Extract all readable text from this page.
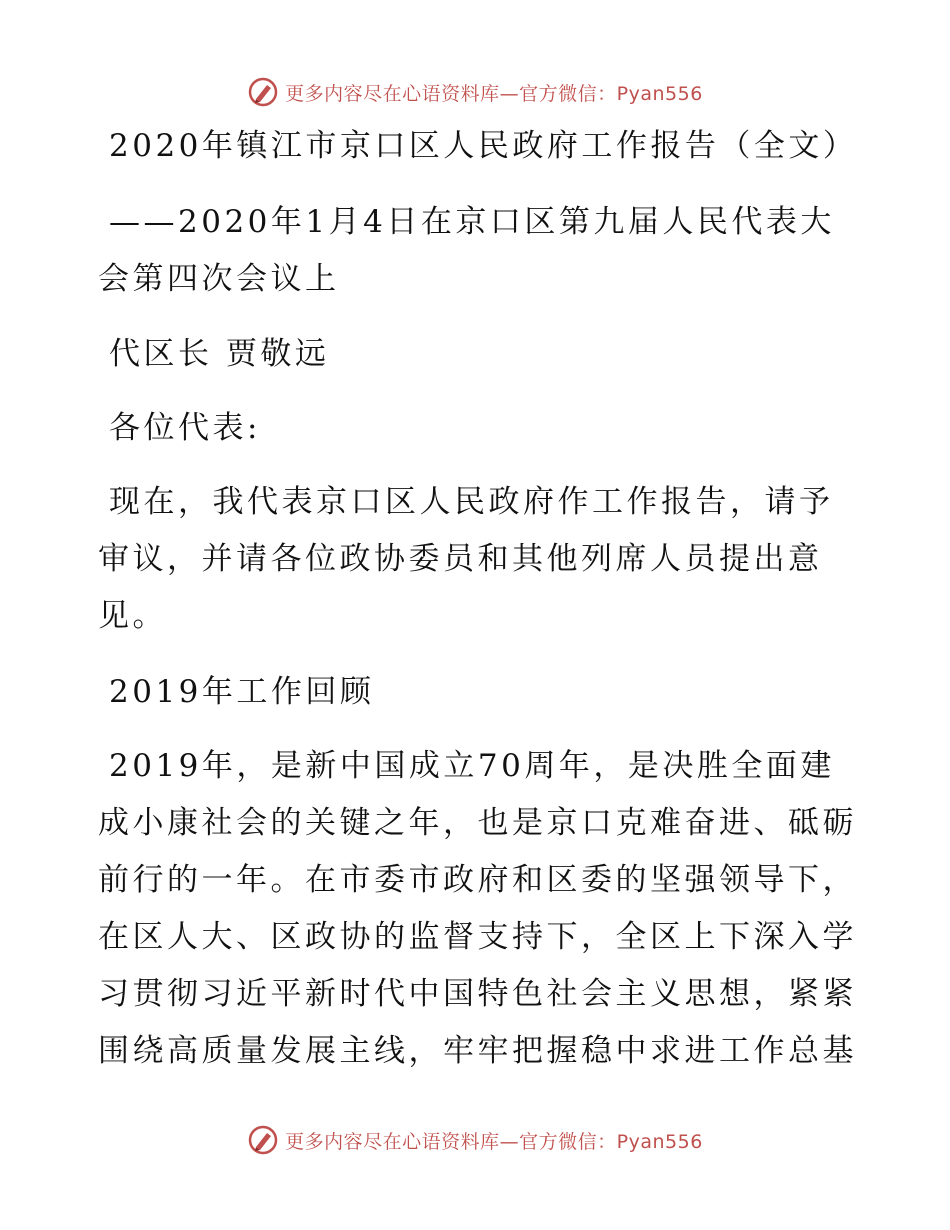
更多内容尽在心语资料库—官方微信：Pyan556
2020年镇江市京口区人民政府工作报告（全文）
——2020年1月4日在京口区第九届人民代表大会第四次会议上
代区长 贾敬远
各位代表:
现在，我代表京口区人民政府作工作报告，请予审议，并请各位政协委员和其他列席人员提出意见。
2019年工作回顾
2019年，是新中国成立70周年，是决胜全面建成小康社会的关键之年，也是京口克难奋进、砥砺前行的一年。在市委市政府和区委的坚强领导下，在区人大、区政协的监督支持下，全区上下深入学习贯彻习近平新时代中国特色社会主义思想，紧紧围绕高质量发展主线，牢牢把握稳中求进工作总基
更多内容尽在心语资料库—官方微信：Pyan556
